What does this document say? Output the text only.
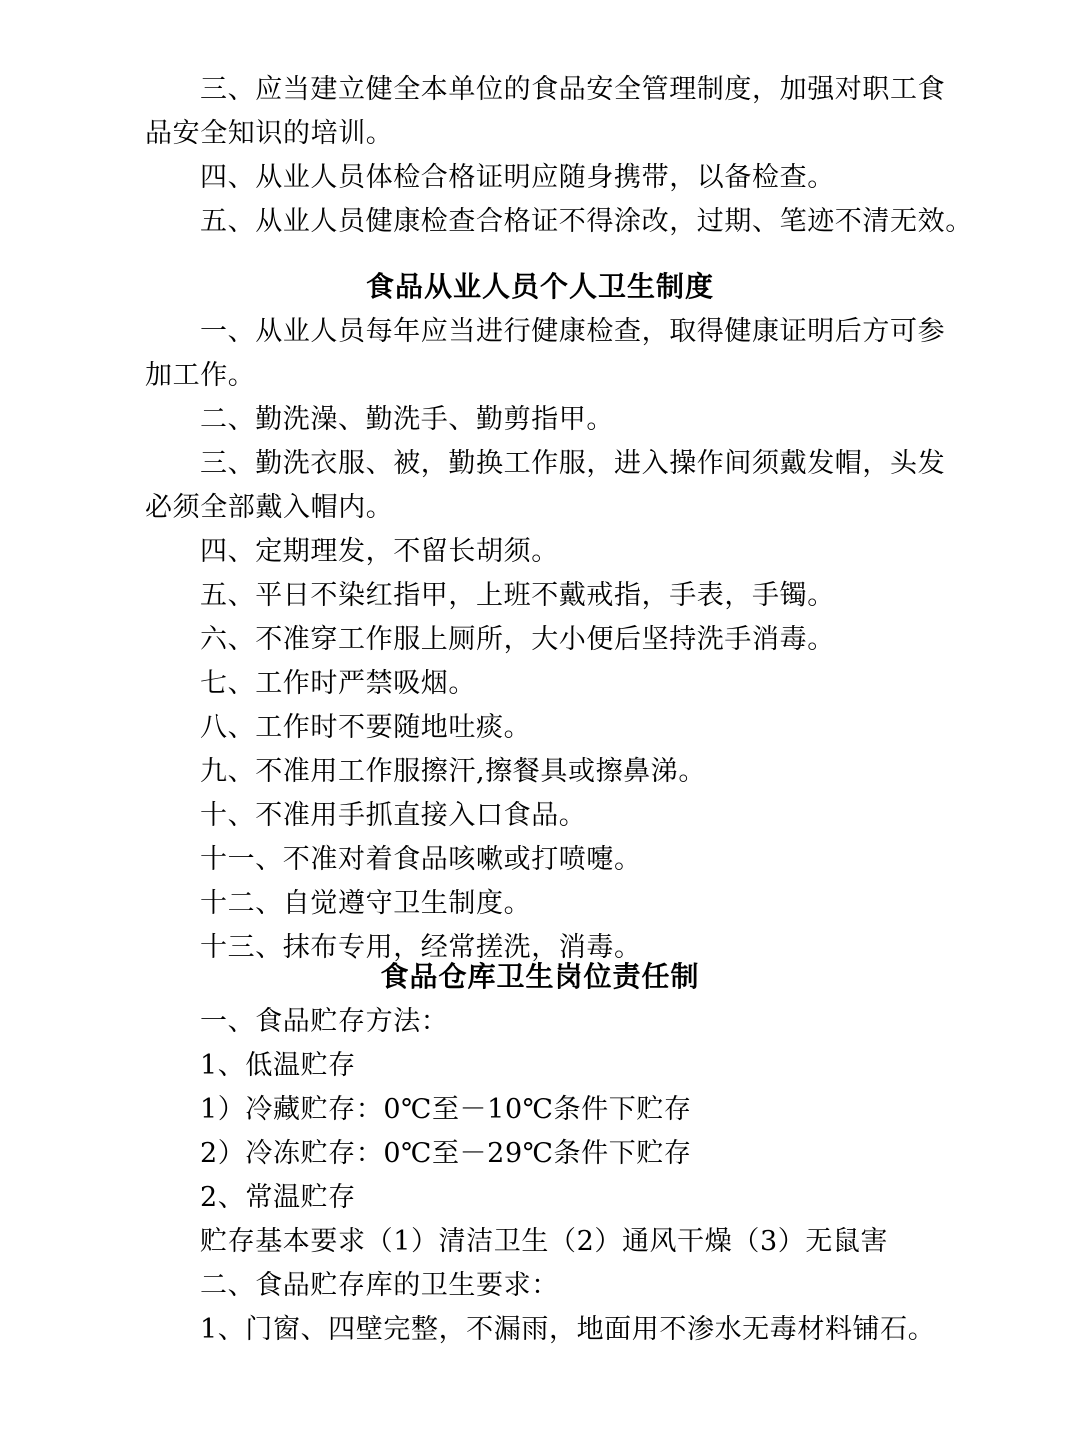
三、应当建立健全本单位的食品安全管理制度，加强对职工食
品安全知识的培训。
四、从业人员体检合格证明应随身携带，以备检查。
五、从业人员健康检查合格证不得涂改，过期、笔迹不清无效。
食品从业人员个人卫生制度
一、从业人员每年应当进行健康检查，取得健康证明后方可参
加工作。
二、勤洗澡、勤洗手、勤剪指甲。
三、勤洗衣服、被，勤换工作服，进入操作间须戴发帽，头发
必须全部戴入帽内。
四、定期理发，不留长胡须。
五、平日不染红指甲，上班不戴戒指，手表，手镯。
六、不准穿工作服上厕所，大小便后坚持洗手消毒。
七、工作时严禁吸烟。
八、工作时不要随地吐痰。
九、不准用工作服擦汗,擦餐具或擦鼻涕。
十、不准用手抓直接入口食品。
十一、不准对着食品咳嗽或打喷嚏。
十二、自觉遵守卫生制度。
十三、抹布专用，经常搓洗，消毒。
食品仓库卫生岗位责任制
一、食品贮存方法：
1、低温贮存
1）冷藏贮存：0℃至－10℃条件下贮存
2）冷冻贮存：0℃至－29℃条件下贮存
2、常温贮存
贮存基本要求（1）清洁卫生（2）通风干燥（3）无鼠害
二、食品贮存库的卫生要求：
1、门窗、四壁完整，不漏雨，地面用不渗水无毒材料铺石。
